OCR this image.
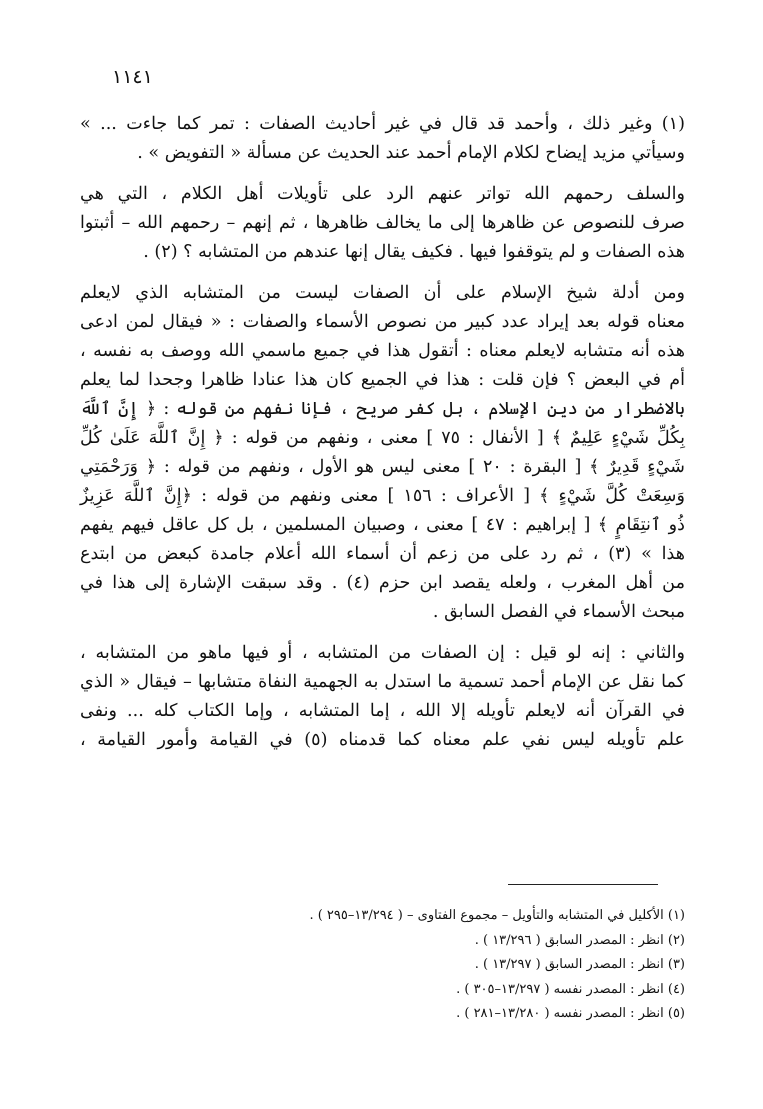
١١٤١

(١) وغير ذلك ، وأحمد قد قال في غير أحاديث الصفات : تمر كما جاءت ... »
وسيأتي مزيد إيضاح لكلام الإمام أحمد عند الحديث عن مسألة « التفويض » .

والسلف رحمهم الله تواتر عنهم الرد على تأويلات أهل الكلام ، التي هي
صرف للنصوص عن ظاهرها إلى ما يخالف ظاهرها ، ثم إنهم – رحمهم الله – أثبتوا
هذه الصفات و لم يتوقفوا فيها . فكيف يقال إنها عندهم من المتشابه ؟ (٢) .

ومن أدلة شيخ الإسلام على أن الصفات ليست من المتشابه الذي لايعلم
معناه قوله بعد إيراد عدد كبير من نصوص الأسماء والصفات : « فيقال لمن ادعى
هذه أنه متشابه لايعلم معناه : أتقول هذا في جميع ماسمي الله ووصف به نفسه ،
أم في البعض ؟ فإن قلت : هذا في الجميع كان هذا عنادا ظاهرا وجحدا لما يعلم
بالاضطرار من دين الإسلام ، بل كفر صريح ، فإنا نفهم من قوله : ﴿ إِنَّ ٱللَّهَ
بِكُلِّ شَيْءٍ عَلِيمٌ ﴾ [ الأنفال : ٧٥ ] معنى ، ونفهم من قوله : ﴿ إِنَّ ٱللَّهَ عَلَىٰ كُلِّ
شَيْءٍ قَدِيرٌ ﴾ [ البقرة : ٢٠ ] معنى ليس هو الأول ، ونفهم من قوله : ﴿ وَرَحْمَتِي
وَسِعَتْ كُلَّ شَيْءٍ ﴾ [ الأعراف : ١٥٦ ] معنى ونفهم من قوله : ﴿إِنَّ ٱللَّهَ عَزِيزٌ
ذُو ٱنتِقَامٍ ﴾ [ إبراهيم : ٤٧ ] معنى ، وصبيان المسلمين ، بل كل عاقل فيهم يفهم
هذا » (٣) ، ثم رد على من زعم أن أسماء الله أعلام جامدة كبعض من ابتدع
من أهل المغرب ، ولعله يقصد ابن حزم (٤) . وقد سبقت الإشارة إلى هذا في
مبحث الأسماء في الفصل السابق .

والثاني : إنه لو قيل : إن الصفات من المتشابه ، أو فيها ماهو من المتشابه ،
كما نقل عن الإمام أحمد تسمية ما استدل به الجهمية النفاة متشابها – فيقال « الذي
في القرآن أنه لايعلم تأويله إلا الله ، إما المتشابه ، وإما الكتاب كله ... ونفى
علم تأويله ليس نفي علم معناه كما قدمناه (٥) في القيامة وأمور القيامة ،

(١) الأكليل في المتشابه والتأويل – مجموع الفتاوى – ( ١٣/٢٩٤–٢٩٥ ) .
(٢) انظر : المصدر السابق ( ١٣/٢٩٦ ) .
(٣) انظر : المصدر السابق ( ١٣/٢٩٧ ) .
(٤) انظر : المصدر نفسه ( ١٣/٢٩٧–٣٠٥ ) .
(٥) انظر : المصدر نفسه ( ١٣/٢٨٠–٢٨١ ) .
